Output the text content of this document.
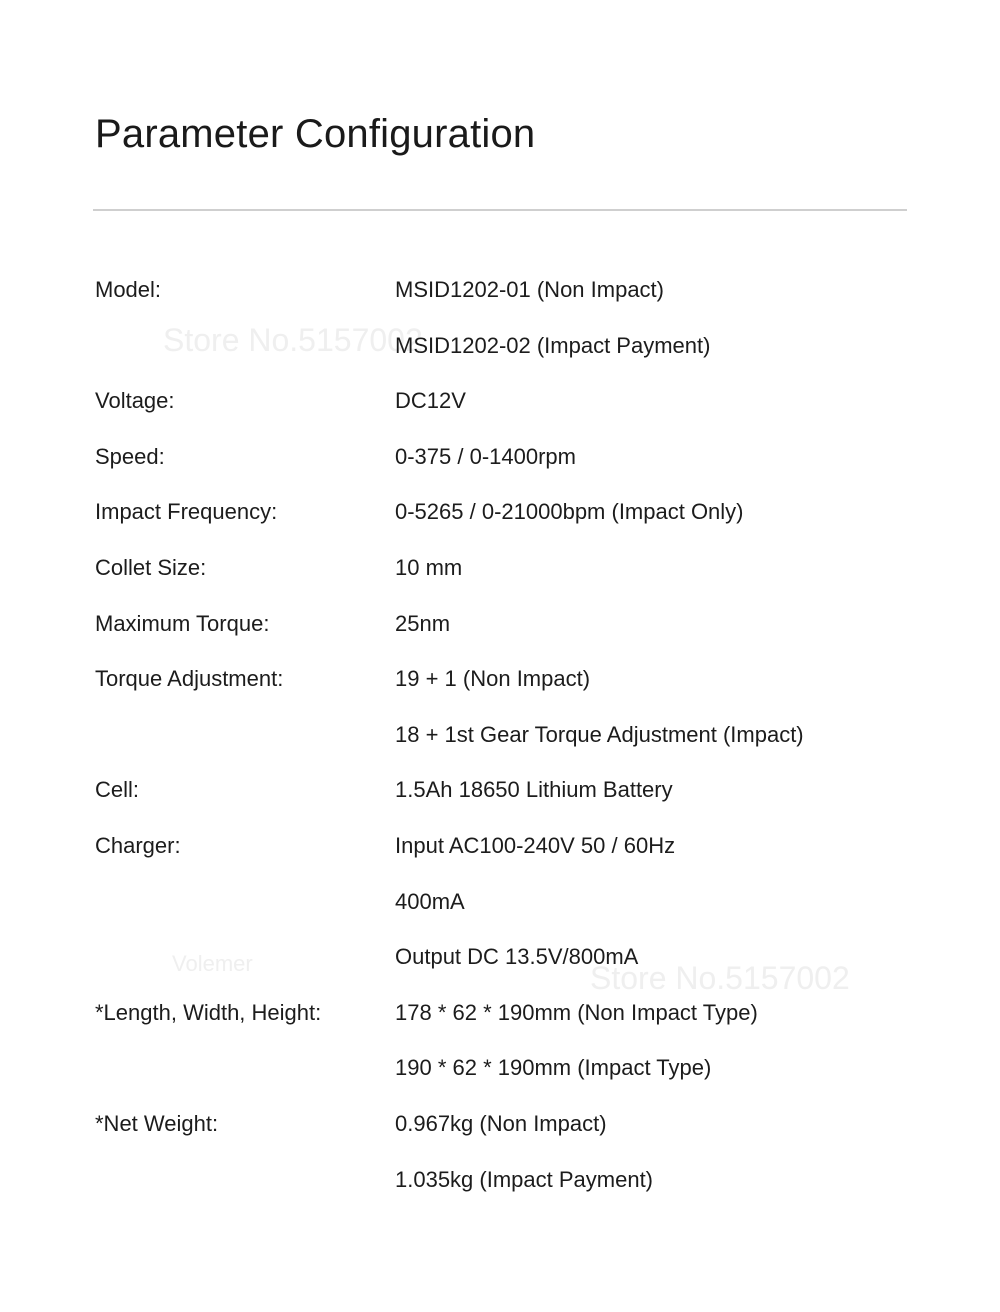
Store No.5157002
Store No.5157002
Volemer
Parameter Configuration
Model:	MSID1202-01 (Non Impact)
MSID1202-02 (Impact Payment)
Voltage:	DC12V
Speed:	0-375 / 0-1400rpm
Impact Frequency:	0-5265 / 0-21000bpm (Impact Only)
Collet Size:	10 mm
Maximum Torque:	25nm
Torque Adjustment:	19 + 1 (Non Impact)
18 + 1st Gear Torque Adjustment (Impact)
Cell:	1.5Ah 18650 Lithium Battery
Charger:	Input AC100-240V 50 / 60Hz
400mA
Output DC 13.5V/800mA
*Length, Width, Height:	178 * 62 * 190mm (Non Impact Type)
190 * 62 * 190mm (Impact Type)
*Net Weight:	0.967kg (Non Impact)
1.035kg (Impact Payment)
